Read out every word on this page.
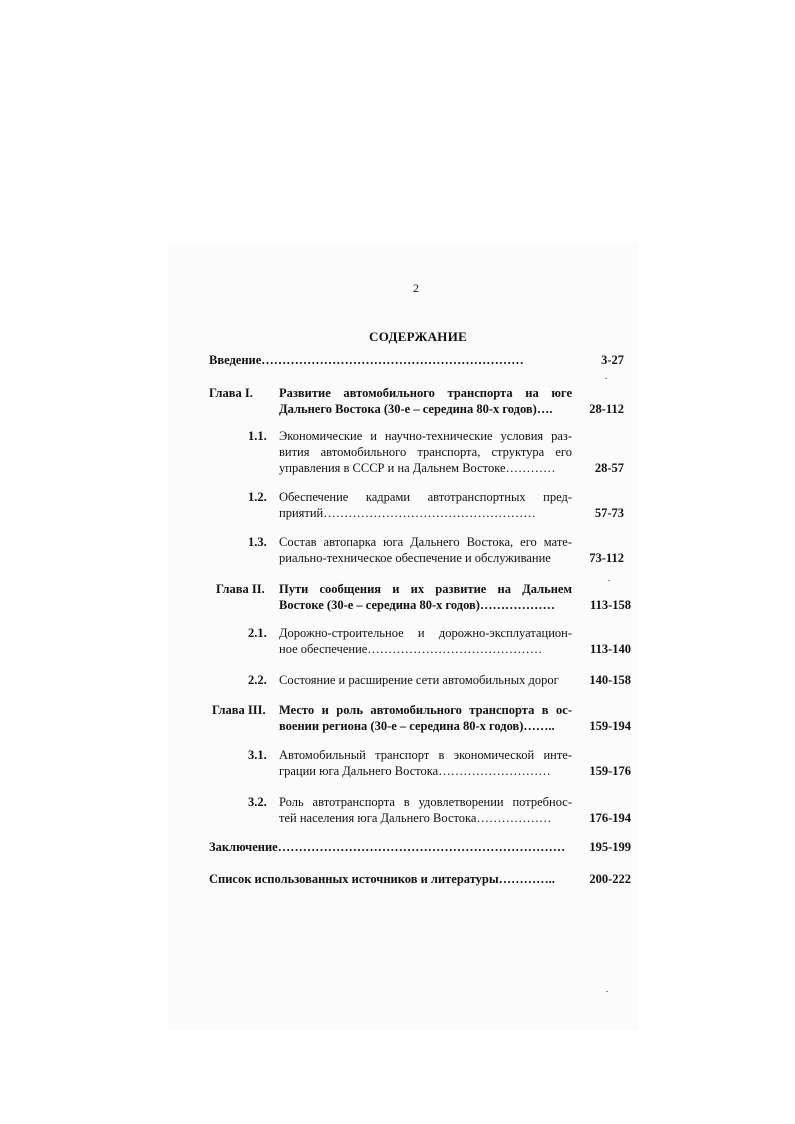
2
СОДЕРЖАНИЕ
Введение………………………………………………………	3-27
Глава I. Развитие автомобильного транспорта на юге
Дальнего Востока (30-е – середина 80-х годов)….	28-112
1.1. Экономические и научно-технические условия раз-
вития автомобильного транспорта, структура его
управления в СССР и на Дальнем Востоке…………	28-57
1.2. Обеспечение кадрами автотранспортных пред-
приятий……………………………………………	57-73
1.3. Состав автопарка юга Дальнего Востока, его мате-
риально-техническое обеспечение и обслуживание	73-112
Глава II. Пути сообщения и их развитие на Дальнем
Востоке (30-е – середина 80-х годов)………………	113-158
2.1. Дорожно-строительное и дорожно-эксплуатацион-
ное обеспечение……………………………………	113-140
2.2. Состояние и расширение сети автомобильных дорог	140-158
Глава III. Место и роль автомобильного транспорта в ос-
воении региона (30-е – середина 80-х годов)……..	159-194
3.1. Автомобильный транспорт в экономической инте-
грации юга Дальнего Востока………………………	159-176
3.2. Роль автотранспорта в удовлетворении потребнос-
тей населения юга Дальнего Востока………………	176-194
Заключение……………………………………………………………	195-199
Список использованных источников и литературы…………..	200-222
